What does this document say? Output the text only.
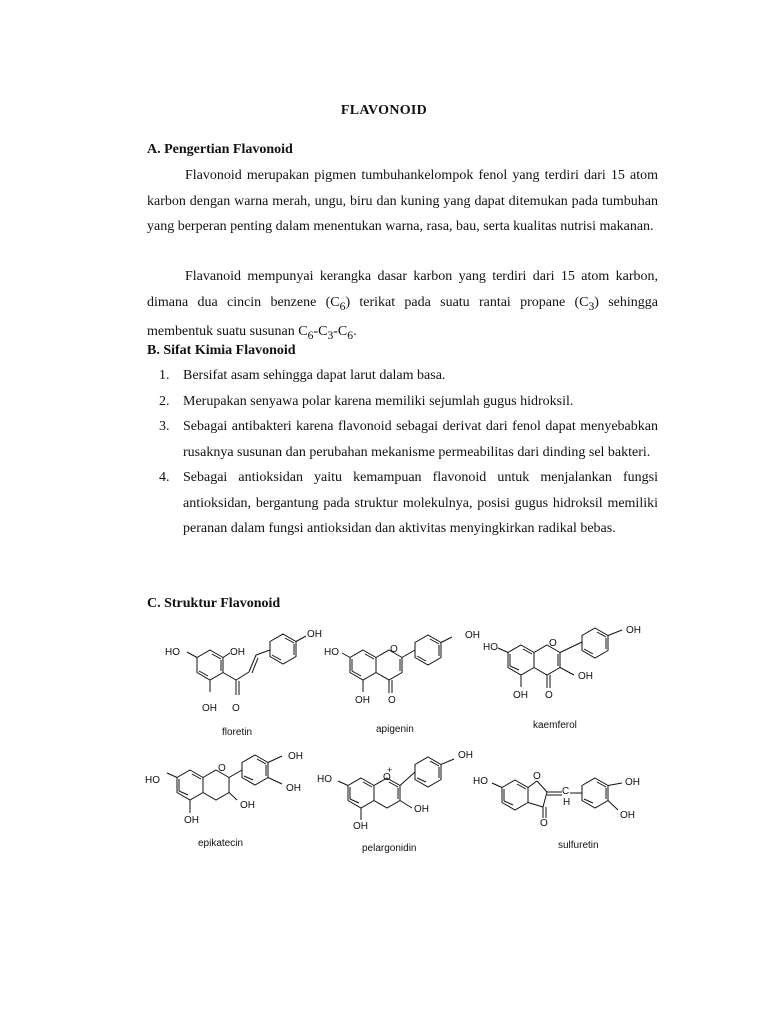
FLAVONOID
A. Pengertian Flavonoid
Flavonoid merupakan pigmen tumbuhankelompok fenol yang terdiri dari 15 atom karbon dengan warna merah, ungu, biru dan kuning yang dapat ditemukan pada tumbuhan yang berperan penting dalam menentukan warna, rasa, bau, serta kualitas nutrisi makanan.
Flavanoid mempunyai kerangka dasar karbon yang terdiri dari 15 atom karbon, dimana dua cincin benzene $(C_6)$ terikat pada suatu rantai propane $(C_3)$ sehingga membentuk suatu susunan $C_6-C_3-C_6$.
B. Sifat Kimia Flavonoid
1. Bersifat asam sehingga dapat larut dalam basa.
2. Merupakan senyawa polar karena memiliki sejumlah gugus hidroksil.
3. Sebagai antibakteri karena flavonoid sebagai derivat dari fenol dapat menyebabkan rusaknya susunan dan perubahan mekanisme permeabilitas dari dinding sel bakteri.
4. Sebagai antioksidan yaitu kemampuan flavonoid untuk menjalankan fungsi antioksidan, bergantung pada struktur molekulnya, posisi gugus hidroksil memiliki peranan dalam fungsi antioksidan dan aktivitas menyingkirkan radikal bebas.
C. Struktur Flavonoid
OH
HO	OH
OH O
floretin
OH
HO	O
OH O
apigenin
OH
HO	O
OH
OH O
kaemferol
OH
HO
O
OH
OH
OH
epikatecin
OH
HO
+
O
OH
OH
pelargonidin
HO	O
C
H
OH
OH
O
sulfuretin
